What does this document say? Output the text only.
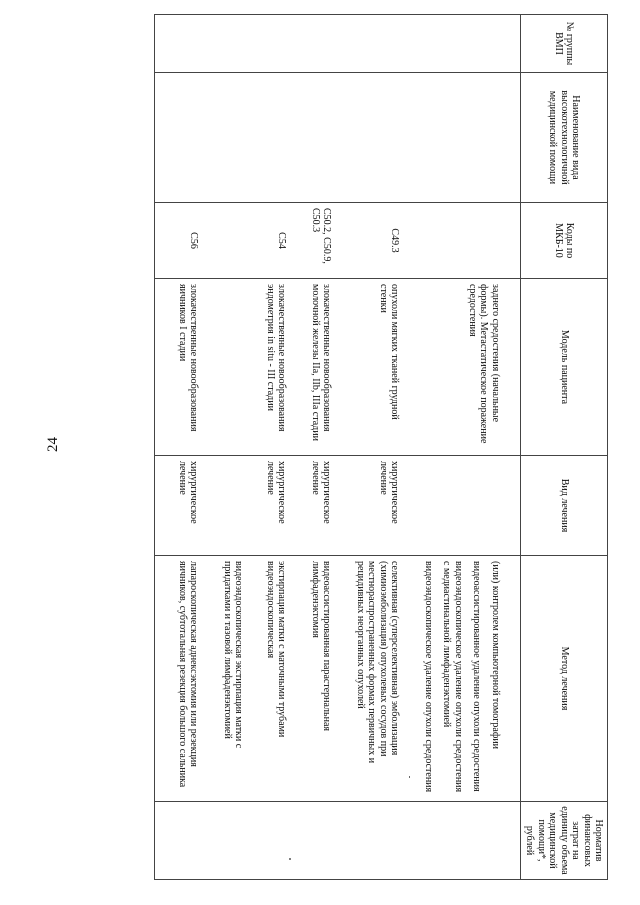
24
№ группы ВМП	Наименование вида высокотехнологичной медицинской помощи	Коды по МКБ-10	Модель пациента	Вид лечения	Метод лечения	Норматив финансовых затрат на единицу объема медицинской помощи*, рублей

			заднего средостения (начальные формы). Метастатическое поражение средостения		(или) контролем компьютерной томографии
видеоассистированное удаление опухоли средостения
видеоэндоскопическое удаление опухоли средостения с медиастинальной лимфаденэктомией
видеоэндоскопическое удаление опухоли средостения	

		C49.3	опухоли мягких тканей грудной стенки	хирургическое лечение	селективная (суперселективная) эмболизация (химиоэмболизация) опухолевых сосудов при местнораспространенных формах первичных и рецидивных неорганных опухолей	

		C50.2, C50.9, C50.3	злокачественные новообразования молочной железы IIa, IIb, IIIa стадии	хирургическое лечение	видеоассистированная парастернальная лимфаденэктомия	

		C54	злокачественные новообразования эндометрия in situ - III стадии	хирургическое лечение	экстирпация матки с маточными трубами видеоэндоскопическая
видеоэндоскопическая экстирпация матки с придатками и тазовой лимфаденэктомией	

		C56	злокачественные новообразования яичников I стадии	хирургическое лечение	лапароскопическая аднексэктомия или резекция яичников, субтотальная резекция большого сальника	
